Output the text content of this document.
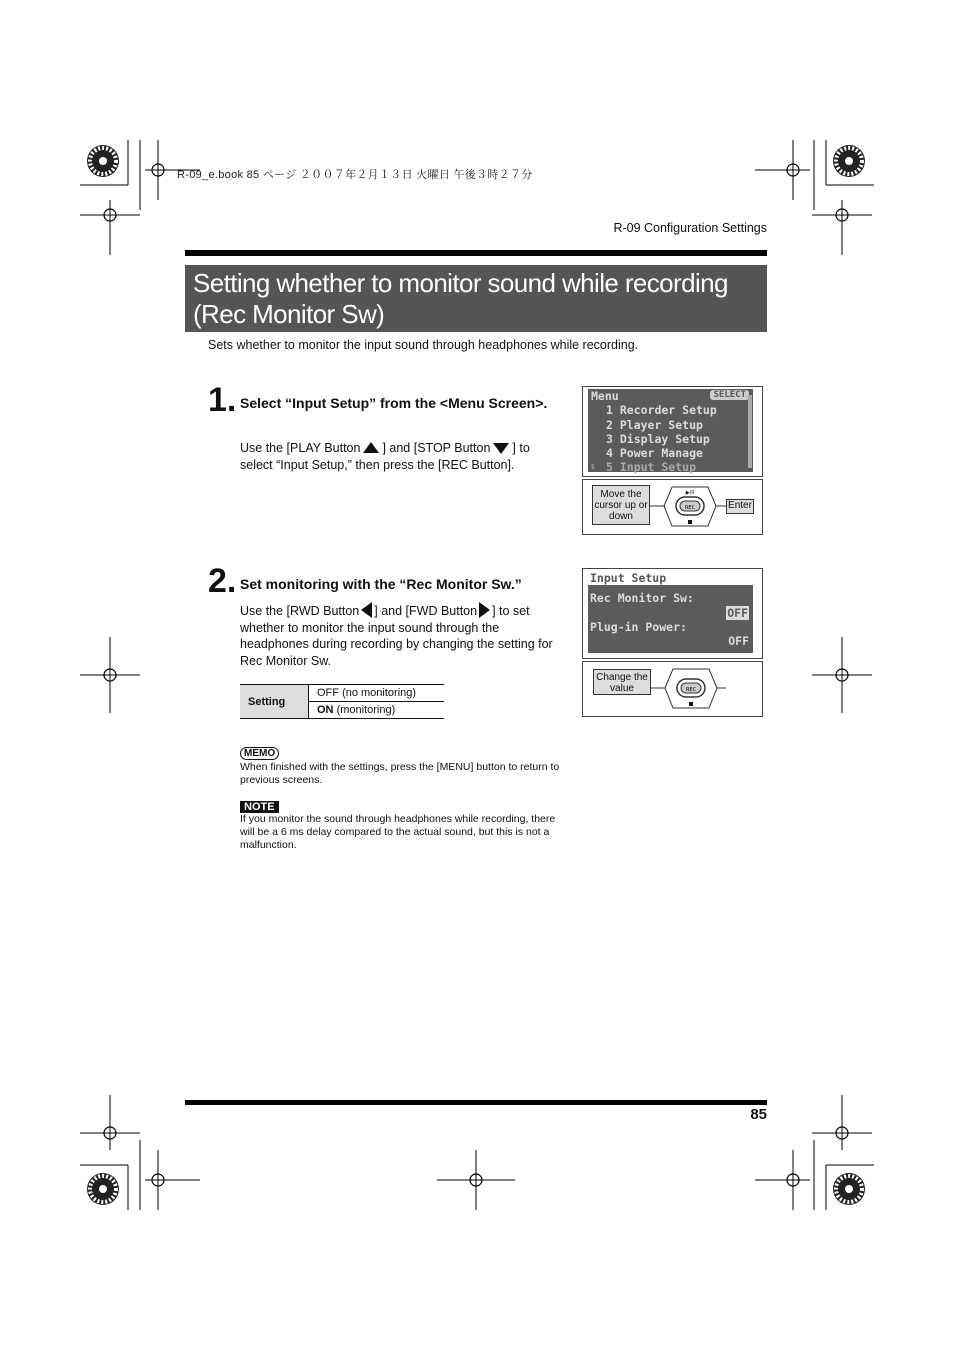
R-09_e.book 85 ページ ２００７年２月１３日 火曜日 午後３時２７分
R-09 Configuration Settings
Setting whether to monitor sound while recording (Rec Monitor Sw)
Sets whether to monitor the input sound through headphones while recording.
1. Select “Input Setup” from the <Menu Screen>.
Use the [PLAY Button ] and [STOP Button ] to select “Input Setup,” then press the [REC Button].
Menu	SELECT
1 Recorder Setup
2 Player Setup
3 Display Setup
4 Power Manage
⇕ 5 Input Setup
Move the cursor up or down
REC
▶/II
Enter
2. Set monitoring with the “Rec Monitor Sw.”
Use the [RWD Button ] and [FWD Button ] to set whether to monitor the input sound through the headphones during recording by changing the setting for Rec Monitor Sw.
Setting	OFF (no monitoring)
ON (monitoring)
Input Setup
Rec Monitor Sw:
OFF
Plug-in Power:
OFF
Change the value	REC
MEMO
When finished with the settings, press the [MENU] button to return to previous screens.
NOTE
If you monitor the sound through headphones while recording, there will be a 6 ms delay compared to the actual sound, but this is not a malfunction.
85
